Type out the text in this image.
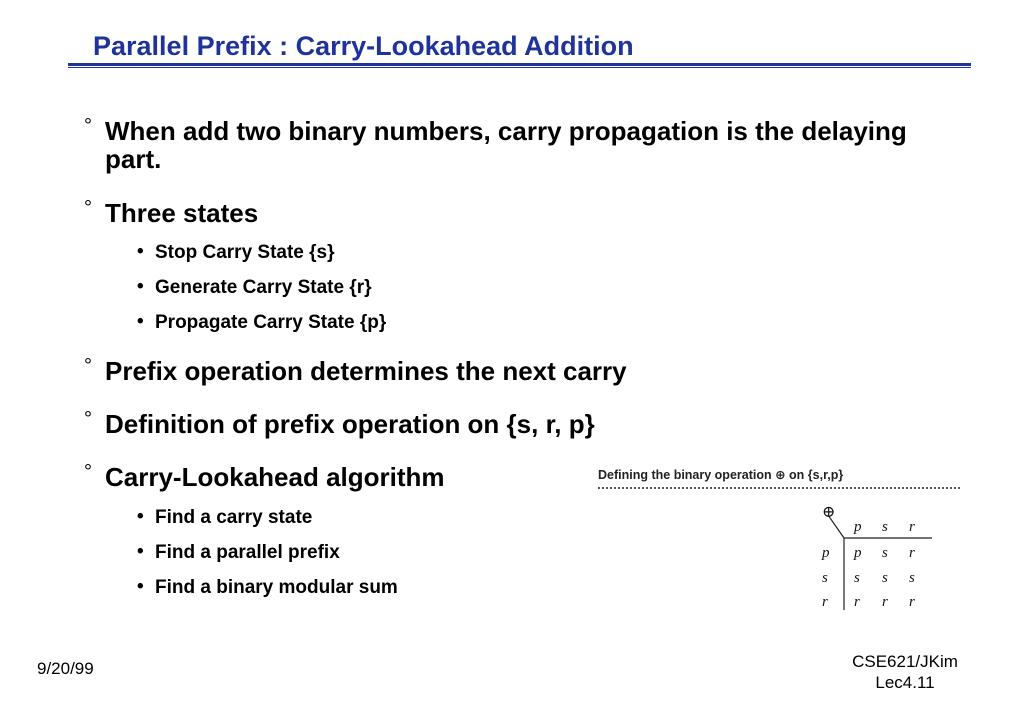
Parallel Prefix : Carry-Lookahead Addition
° When add two binary numbers, carry propagation is the delaying part.
° Three states
• Stop Carry State {s}
• Generate Carry State {r}
• Propagate Carry State {p}
° Prefix operation determines the next carry
° Definition of prefix operation on {s, r, p}
° Carry-Lookahead algorithm
• Find a carry state
• Find a parallel prefix
• Find a binary modular sum
Defining the binary operation ⊕ on {s,r,p}
⊕
p s r
p p s r
s s s s
r r r r
9/20/99	CSE621/JKim
Lec4.11
